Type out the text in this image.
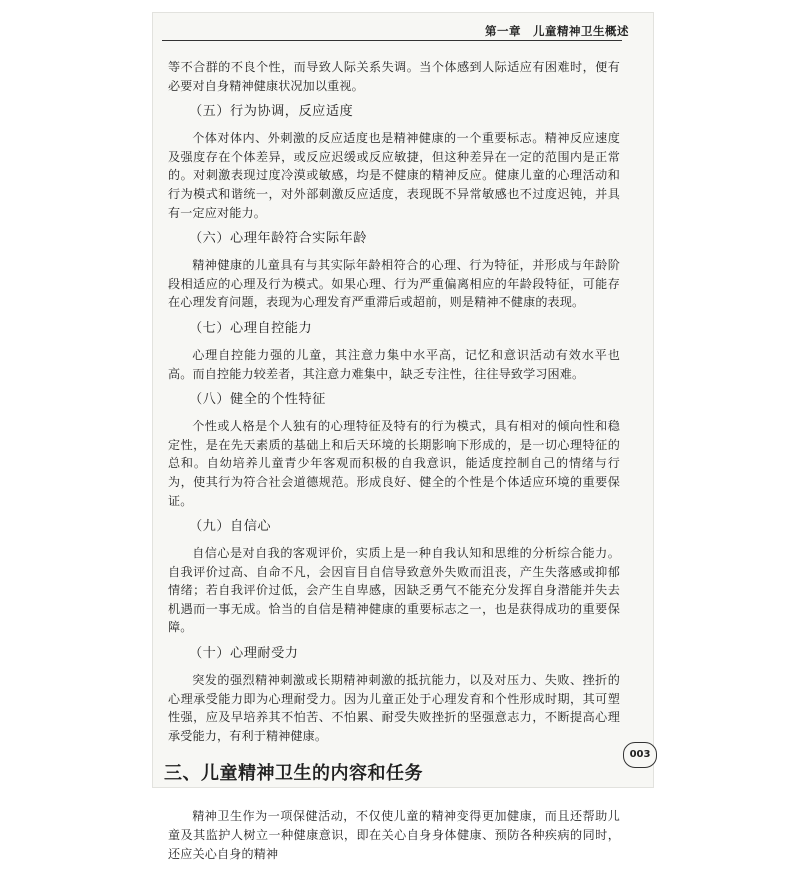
第一章　儿童精神卫生概述

等不合群的不良个性，而导致人际关系失调。当个体感到人际适应有困难时，便有必要对自身精神健康状况加以重视。

（五）行为协调，反应适度

个体对体内、外刺激的反应适度也是精神健康的一个重要标志。精神反应速度及强度存在个体差异，或反应迟缓或反应敏捷，但这种差异在一定的范围内是正常的。对刺激表现过度冷漠或敏感，均是不健康的精神反应。健康儿童的心理活动和行为模式和谐统一，对外部刺激反应适度，表现既不异常敏感也不过度迟钝，并具有一定应对能力。

（六）心理年龄符合实际年龄

精神健康的儿童具有与其实际年龄相符合的心理、行为特征，并形成与年龄阶段相适应的心理及行为模式。如果心理、行为严重偏离相应的年龄段特征，可能存在心理发育问题，表现为心理发育严重滞后或超前，则是精神不健康的表现。

（七）心理自控能力

心理自控能力强的儿童，其注意力集中水平高，记忆和意识活动有效水平也高。而自控能力较差者，其注意力难集中，缺乏专注性，往往导致学习困难。

（八）健全的个性特征

个性或人格是个人独有的心理特征及特有的行为模式，具有相对的倾向性和稳定性，是在先天素质的基础上和后天环境的长期影响下形成的，是一切心理特征的总和。自幼培养儿童青少年客观而积极的自我意识，能适度控制自己的情绪与行为，使其行为符合社会道德规范。形成良好、健全的个性是个体适应环境的重要保证。

（九）自信心

自信心是对自我的客观评价，实质上是一种自我认知和思维的分析综合能力。自我评价过高、自命不凡，会因盲目自信导致意外失败而沮丧，产生失落感或抑郁情绪；若自我评价过低，会产生自卑感，因缺乏勇气不能充分发挥自身潜能并失去机遇而一事无成。恰当的自信是精神健康的重要标志之一，也是获得成功的重要保障。

（十）心理耐受力

突发的强烈精神刺激或长期精神刺激的抵抗能力，以及对压力、失败、挫折的心理承受能力即为心理耐受力。因为儿童正处于心理发育和个性形成时期，其可塑性强，应及早培养其不怕苦、不怕累、耐受失败挫折的坚强意志力，不断提高心理承受能力，有利于精神健康。

三、儿童精神卫生的内容和任务

精神卫生作为一项保健活动，不仅使儿童的精神变得更加健康，而且还帮助儿童及其监护人树立一种健康意识，即在关心自身身体健康、预防各种疾病的同时，还应关心自身的精神

003
